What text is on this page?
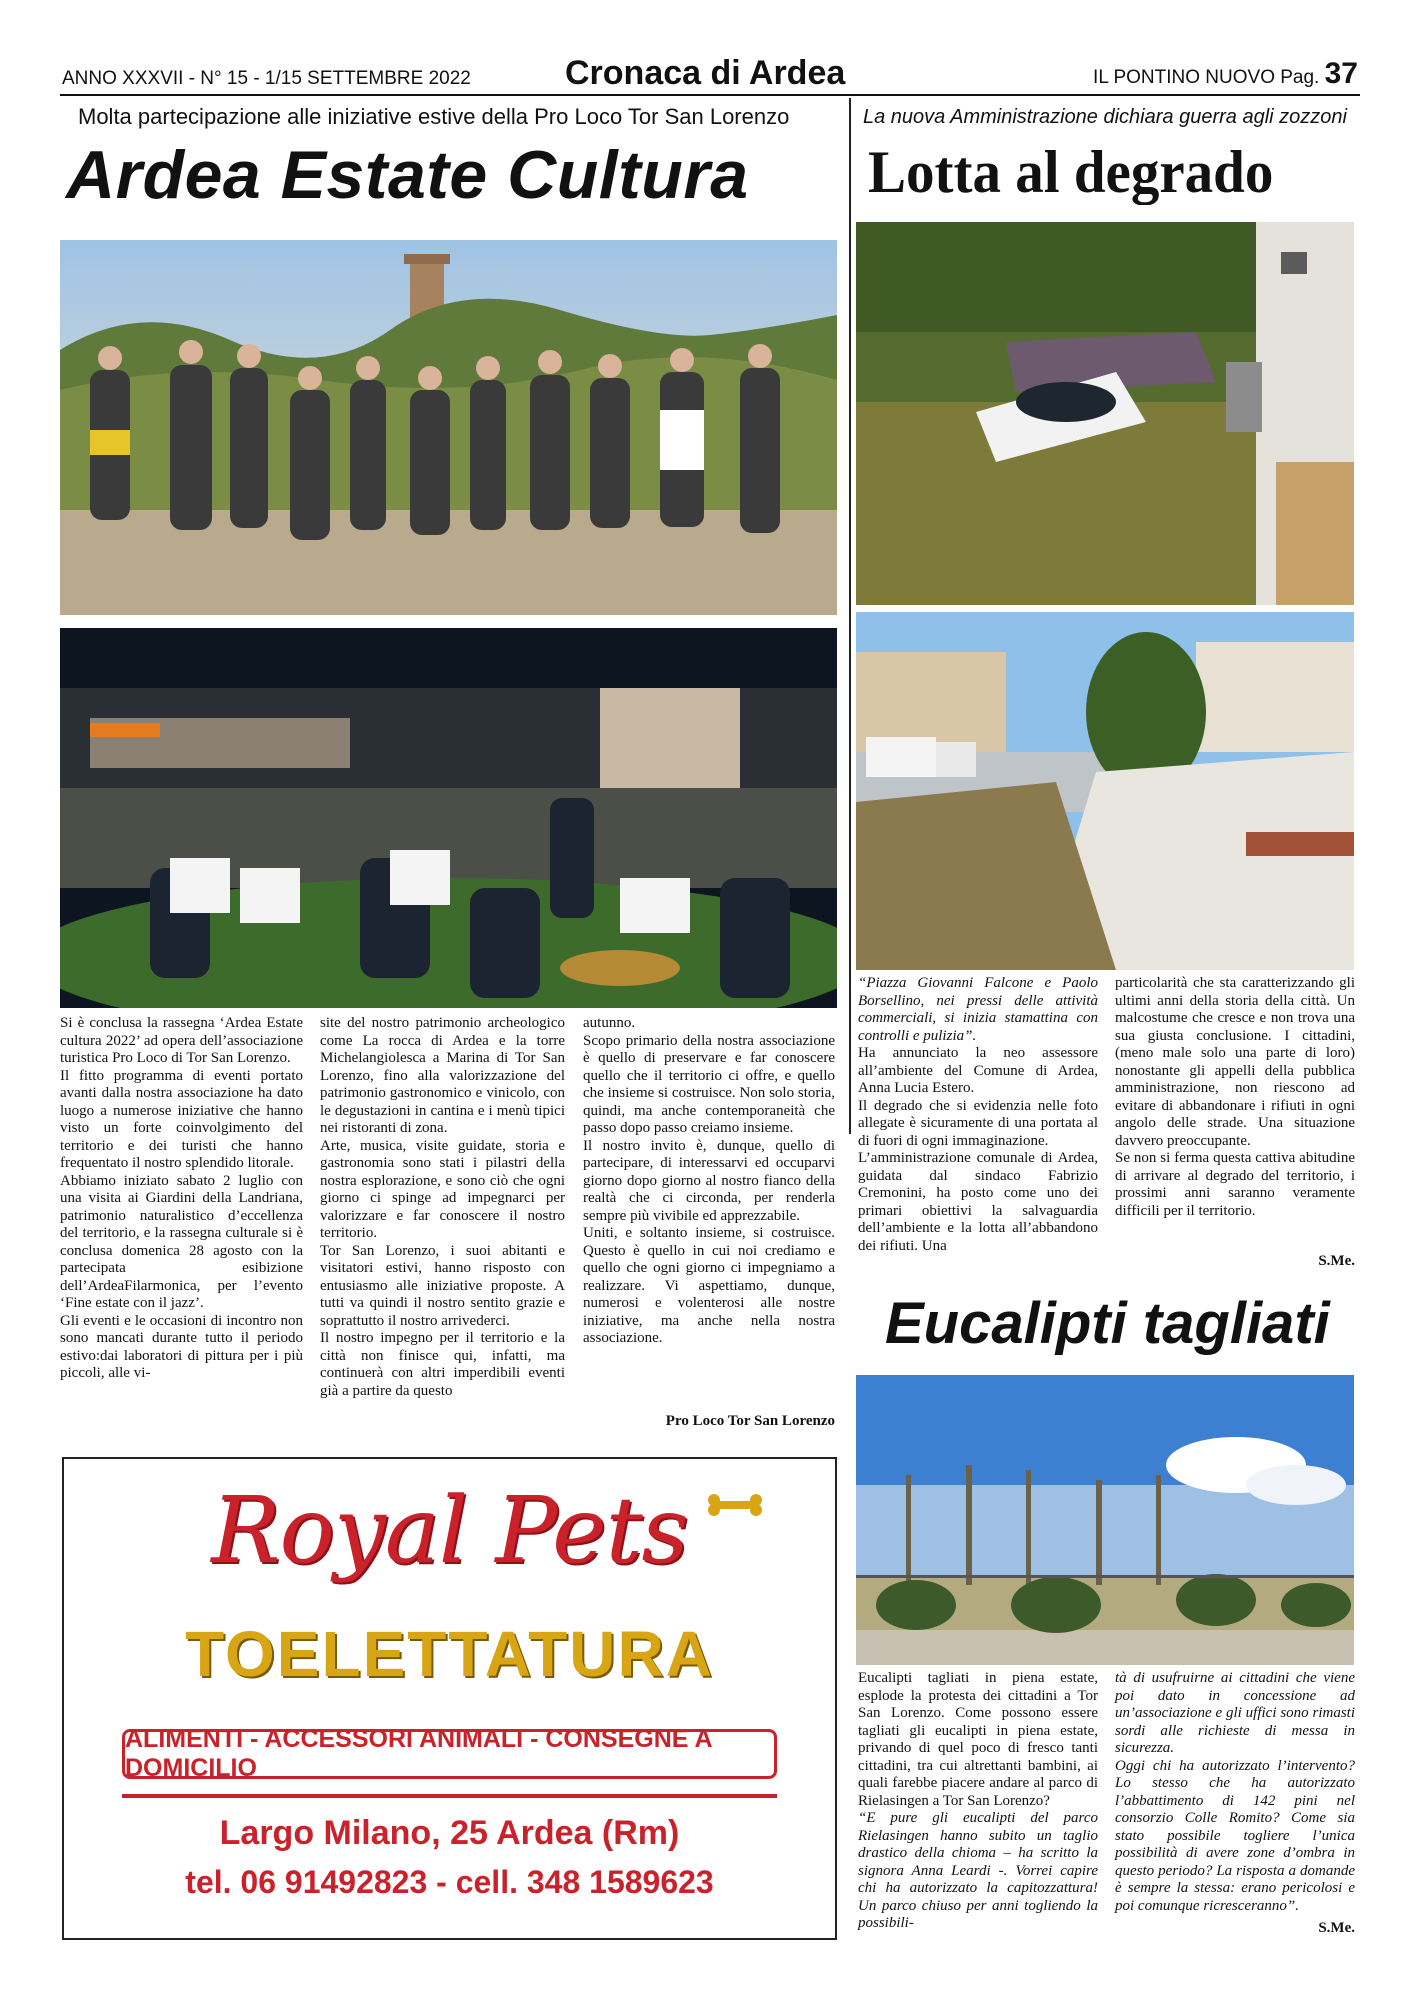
ANNO XXXVII - N° 15 - 1/15 SETTEMBRE 2022	Cronaca di Ardea	IL PONTINO NUOVO Pag. 37
Molta partecipazione alle iniziative estive della Pro Loco Tor San Lorenzo
Ardea Estate Cultura

Si è conclusa la rassegna ‘Ardea Estate cultura 2022’ ad opera dell’associazione turistica Pro Loco di Tor San Lorenzo.

Il fitto programma di eventi portato avanti dalla nostra associazione ha dato luogo a numerose iniziative che hanno visto un forte coinvolgimento del territorio e dei turisti che hanno frequentato il nostro splendido litorale.

Abbiamo iniziato sabato 2 luglio con una visita ai Giardini della Landriana, patrimonio naturalistico d’eccellenza del territorio, e la rassegna culturale si è conclusa domenica 28 agosto con la partecipata esibizione dell’ArdeaFilarmonica, per l’evento ‘Fine estate con il jazz’.

Gli eventi e le occasioni di incontro non sono mancati durante tutto il periodo estivo:dai laboratori di pittura per i più piccoli, alle vi-

site del nostro patrimonio archeologico come La rocca di Ardea e la torre Michelangiolesca a Marina di Tor San Lorenzo, fino alla valorizzazione del patrimonio gastronomico e vinicolo, con le degustazioni in cantina e i menù tipici nei ristoranti di zona.

Arte, musica, visite guidate, storia e gastronomia sono stati i pilastri della nostra esplorazione, e sono ciò che ogni giorno ci spinge ad impegnarci per valorizzare e far conoscere il nostro territorio.

Tor San Lorenzo, i suoi abitanti e visitatori estivi, hanno risposto con entusiasmo alle iniziative proposte. A tutti va quindi il nostro sentito grazie e soprattutto il nostro arrivederci.

Il nostro impegno per il territorio e la città non finisce qui, infatti, ma continuerà con altri imperdibili eventi già a partire da questo

autunno.

Scopo primario della nostra associazione è quello di preservare e far conoscere quello che il territorio ci offre, e quello che insieme si costruisce. Non solo storia, quindi, ma anche contemporaneità che passo dopo passo creiamo insieme.

Il nostro invito è, dunque, quello di partecipare, di interessarvi ed occuparvi giorno dopo giorno al nostro fianco della realtà che ci circonda, per renderla sempre più vivibile ed apprezzabile.

Uniti, e soltanto insieme, si costruisce. Questo è quello in cui noi crediamo e quello che ogni giorno ci impegniamo a realizzare. Vi aspettiamo, dunque, numerosi e volenterosi alle nostre iniziative, ma anche nella nostra associazione.

Pro Loco Tor San Lorenzo
Royal Pets
TOELETTATURA
ALIMENTI - ACCESSORI ANIMALI - CONSEGNE A DOMICILIO
Largo Milano, 25 Ardea (Rm)
tel. 06 91492823 - cell. 348 1589623
La nuova Amministrazione dichiara guerra agli zozzoni
Lotta al degrado

“Piazza Giovanni Falcone e Paolo Borsellino, nei pressi delle attività commerciali, si inizia stamattina con controlli e pulizia”.

Ha annunciato la neo assessore all’ambiente del Comune di Ardea, Anna Lucia Estero.

Il degrado che si evidenzia nelle foto allegate è sicuramente di una portata al di fuori di ogni immaginazione.

L’amministrazione comunale di Ardea, guidata dal sindaco Fabrizio Cremonini, ha posto come uno dei primari obiettivi la salvaguardia dell’ambiente e la lotta all’abbandono dei rifiuti. Una

particolarità che sta caratterizzando gli ultimi anni della storia della città. Un malcostume che cresce e non trova una sua giusta conclusione. I cittadini, (meno male solo una parte di loro) nonostante gli appelli della pubblica amministrazione, non riescono ad evitare di abbandonare i rifiuti in ogni angolo delle strade. Una situazione davvero preoccupante.

Se non si ferma questa cattiva abitudine di arrivare al degrado del territorio, i prossimi anni saranno veramente difficili per il territorio.

S.Me.
Eucalipti tagliati

Eucalipti tagliati in piena estate, esplode la protesta dei cittadini a Tor San Lorenzo. Come possono essere tagliati gli eucalipti in piena estate, privando di quel poco di fresco tanti cittadini, tra cui altrettanti bambini, ai quali farebbe piacere andare al parco di Rielasingen a Tor San Lorenzo?

“E pure gli eucalipti del parco Rielasingen hanno subito un taglio drastico della chioma – ha scritto la signora Anna Leardi -. Vorrei capire chi ha autorizzato la capitozzattura! Un parco chiuso per anni togliendo la possibili-

tà di usufruirne ai cittadini che viene poi dato in concessione ad un’associazione e gli uffici sono rimasti sordi alle richieste di messa in sicurezza.

Oggi chi ha autorizzato l’intervento? Lo stesso che ha autorizzato l’abbattimento di 142 pini nel consorzio Colle Romito? Come sia stato possibile togliere l’unica possibilità di avere zone d’ombra in questo periodo? La risposta a domande è sempre la stessa: erano pericolosi e poi comunque ricresceranno”.

S.Me.
